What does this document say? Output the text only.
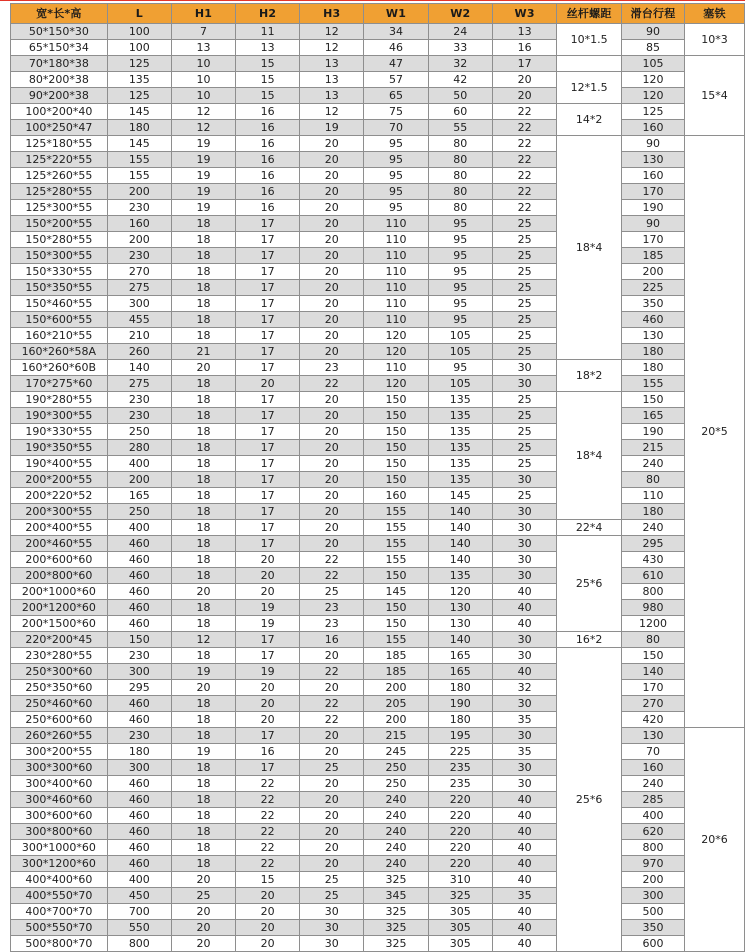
宽*长*高	L	H1	H2	H3	W1	W2	W3	丝杆螺距	滑台行程	塞铁
50*150*30	100	7	11	12	34	24	13	10*1.5	90	10*3
65*150*34	100	13	13	12	46	33	16		85	
70*180*38	125	10	15	13	47	32	17		105	15*4
80*200*38	135	10	15	13	57	42	20	12*1.5	120	
90*200*38	125	10	15	13	65	50	20		120	
100*200*40	145	12	16	12	75	60	22	14*2	125	
100*250*47	180	12	16	19	70	55	22		160	
125*180*55	145	19	16	20	95	80	22	18*4	90	20*5
125*220*55	155	19	16	20	95	80	22		130	
125*260*55	155	19	16	20	95	80	22		160	
125*280*55	200	19	16	20	95	80	22		170	
125*300*55	230	19	16	20	95	80	22		190	
150*200*55	160	18	17	20	110	95	25		90	
150*280*55	200	18	17	20	110	95	25		170	
150*300*55	230	18	17	20	110	95	25		185	
150*330*55	270	18	17	20	110	95	25		200	
150*350*55	275	18	17	20	110	95	25		225	
150*460*55	300	18	17	20	110	95	25		350	
150*600*55	455	18	17	20	110	95	25		460	
160*210*55	210	18	17	20	120	105	25		130	
160*260*58A	260	21	17	20	120	105	25		180	
160*260*60B	140	20	17	23	110	95	30	18*2	180	
170*275*60	275	18	20	22	120	105	30		155	
190*280*55	230	18	17	20	150	135	25	18*4	150	
190*300*55	230	18	17	20	150	135	25		165	
190*330*55	250	18	17	20	150	135	25		190	
190*350*55	280	18	17	20	150	135	25		215	
190*400*55	400	18	17	20	150	135	25		240	
200*200*55	200	18	17	20	150	135	30		80	
200*220*52	165	18	17	20	160	145	25		110	
200*300*55	250	18	17	20	155	140	30		180	
200*400*55	400	18	17	20	155	140	30	22*4	240	
200*460*55	460	18	17	20	155	140	30	25*6	295	
200*600*60	460	18	20	22	155	140	30		430	
200*800*60	460	18	20	22	150	135	30		610	
200*1000*60	460	20	20	25	145	120	40		800	
200*1200*60	460	18	19	23	150	130	40		980	
200*1500*60	460	18	19	23	150	130	40		1200	
220*200*45	150	12	17	16	155	140	30	16*2	80	
230*280*55	230	18	17	20	185	165	30	25*6	150	
250*300*60	300	19	19	22	185	165	40		140	
250*350*60	295	20	20	20	200	180	32		170	
250*460*60	460	18	20	22	205	190	30		270	
250*600*60	460	18	20	22	200	180	35		420	
260*260*55	230	18	17	20	215	195	30		130	20*6
300*200*55	180	19	16	20	245	225	35		70	
300*300*60	300	18	17	25	250	235	30		160	
300*400*60	460	18	22	20	250	235	30		240	
300*460*60	460	18	22	20	240	220	40		285	
300*600*60	460	18	22	20	240	220	40		400	
300*800*60	460	18	22	20	240	220	40		620	
300*1000*60	460	18	22	20	240	220	40		800	
300*1200*60	460	18	22	20	240	220	40		970	
400*400*60	400	20	15	25	325	310	40		200	
400*550*70	450	25	20	25	345	325	35		300	
400*700*70	700	20	20	30	325	305	40		500	
500*550*70	550	20	20	30	325	305	40		350	
500*800*70	800	20	20	30	325	305	40		600	
